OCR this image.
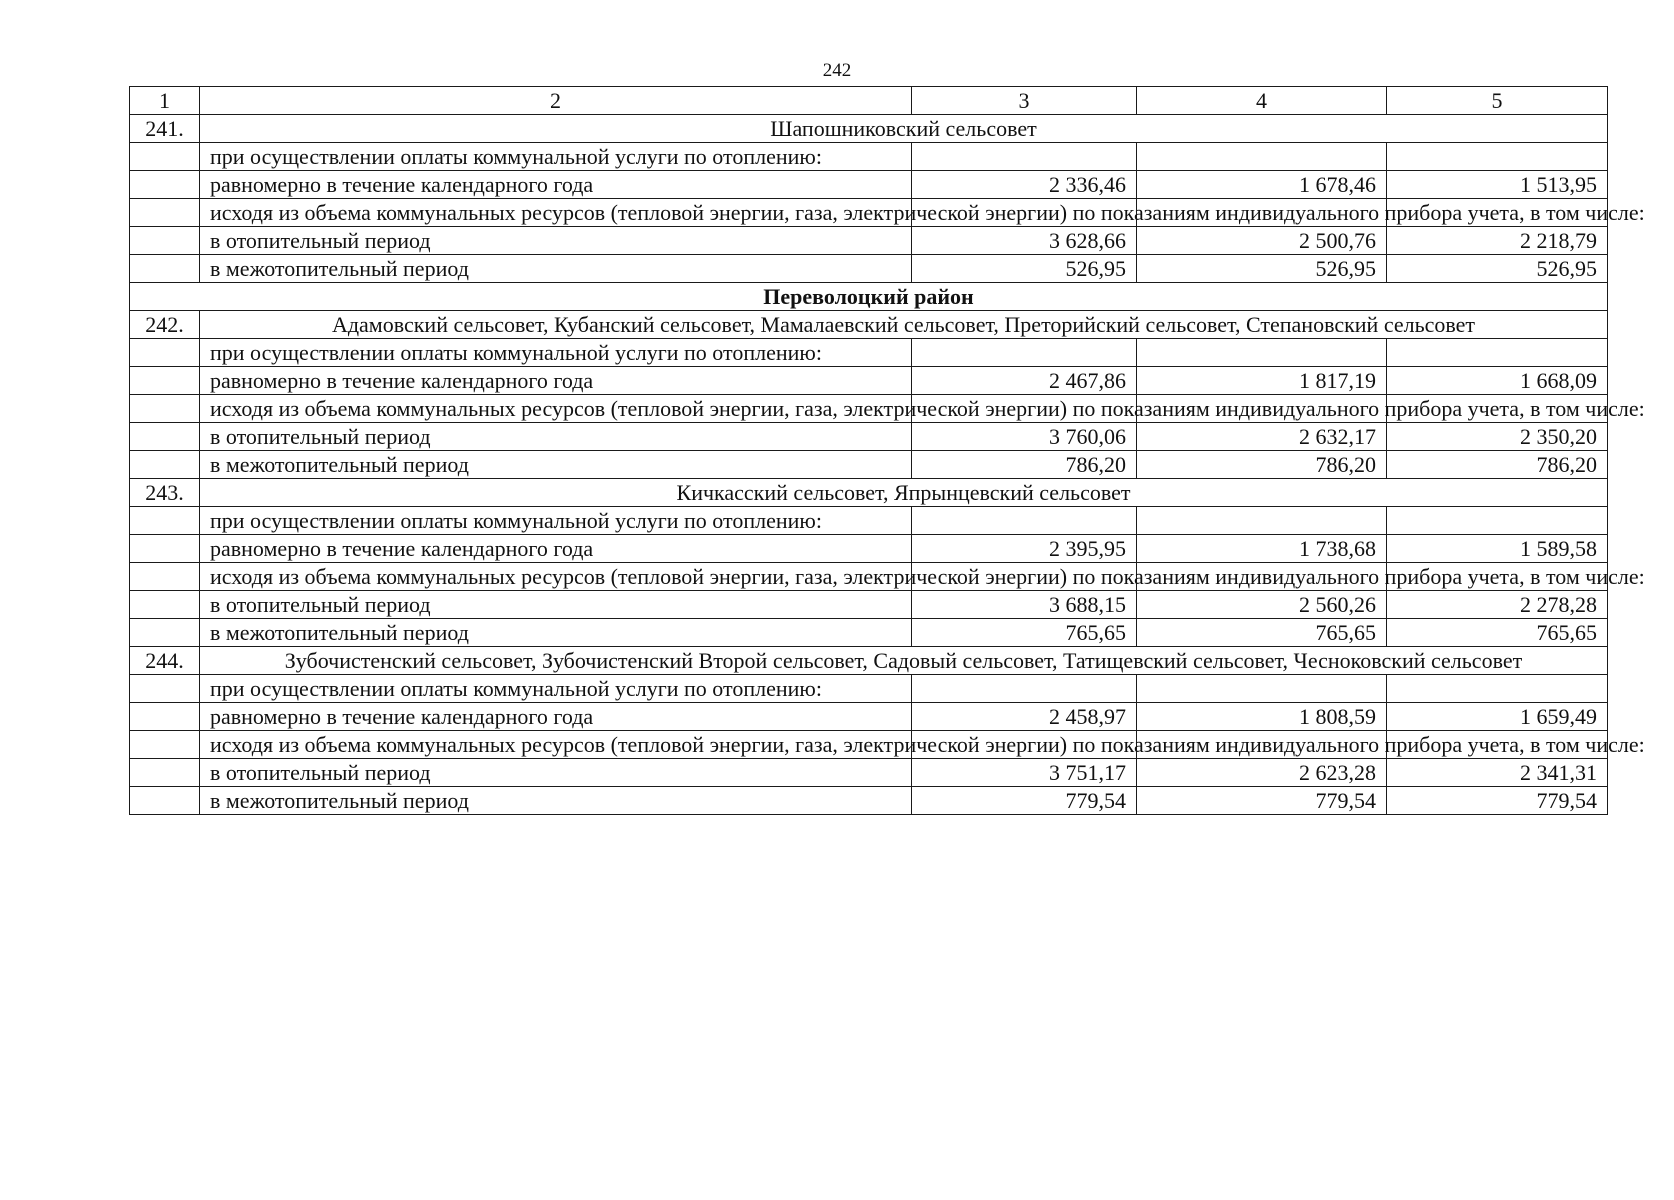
242
1	2	3	4	5
241.	Шапошниковский сельсовет			
	при осуществлении оплаты коммунальной услуги по отоплению:			
	равномерно в течение календарного года	2 336,46	1 678,46	1 513,95
	исходя из объема коммунальных ресурсов (тепловой энергии, газа, электрической энергии) по показаниям индивидуального прибора учета, в том числе:			
	в отопительный период	3 628,66	2 500,76	2 218,79
	в межотопительный период	526,95	526,95	526,95
Переволоцкий район				
242.	Адамовский сельсовет, Кубанский сельсовет, Мамалаевский сельсовет, Преторийский сельсовет, Степановский сельсовет			
	при осуществлении оплаты коммунальной услуги по отоплению:			
	равномерно в течение календарного года	2 467,86	1 817,19	1 668,09
	исходя из объема коммунальных ресурсов (тепловой энергии, газа, электрической энергии) по показаниям индивидуального прибора учета, в том числе:			
	в отопительный период	3 760,06	2 632,17	2 350,20
	в межотопительный период	786,20	786,20	786,20
243.	Кичкасский сельсовет, Япрынцевский сельсовет			
	при осуществлении оплаты коммунальной услуги по отоплению:			
	равномерно в течение календарного года	2 395,95	1 738,68	1 589,58
	исходя из объема коммунальных ресурсов (тепловой энергии, газа, электрической энергии) по показаниям индивидуального прибора учета, в том числе:			
	в отопительный период	3 688,15	2 560,26	2 278,28
	в межотопительный период	765,65	765,65	765,65
244.	Зубочистенский сельсовет, Зубочистенский Второй сельсовет, Садовый сельсовет, Татищевский сельсовет, Чесноковский сельсовет			
	при осуществлении оплаты коммунальной услуги по отоплению:			
	равномерно в течение календарного года	2 458,97	1 808,59	1 659,49
	исходя из объема коммунальных ресурсов (тепловой энергии, газа, электрической энергии) по показаниям индивидуального прибора учета, в том числе:			
	в отопительный период	3 751,17	2 623,28	2 341,31
	в межотопительный период	779,54	779,54	779,54
